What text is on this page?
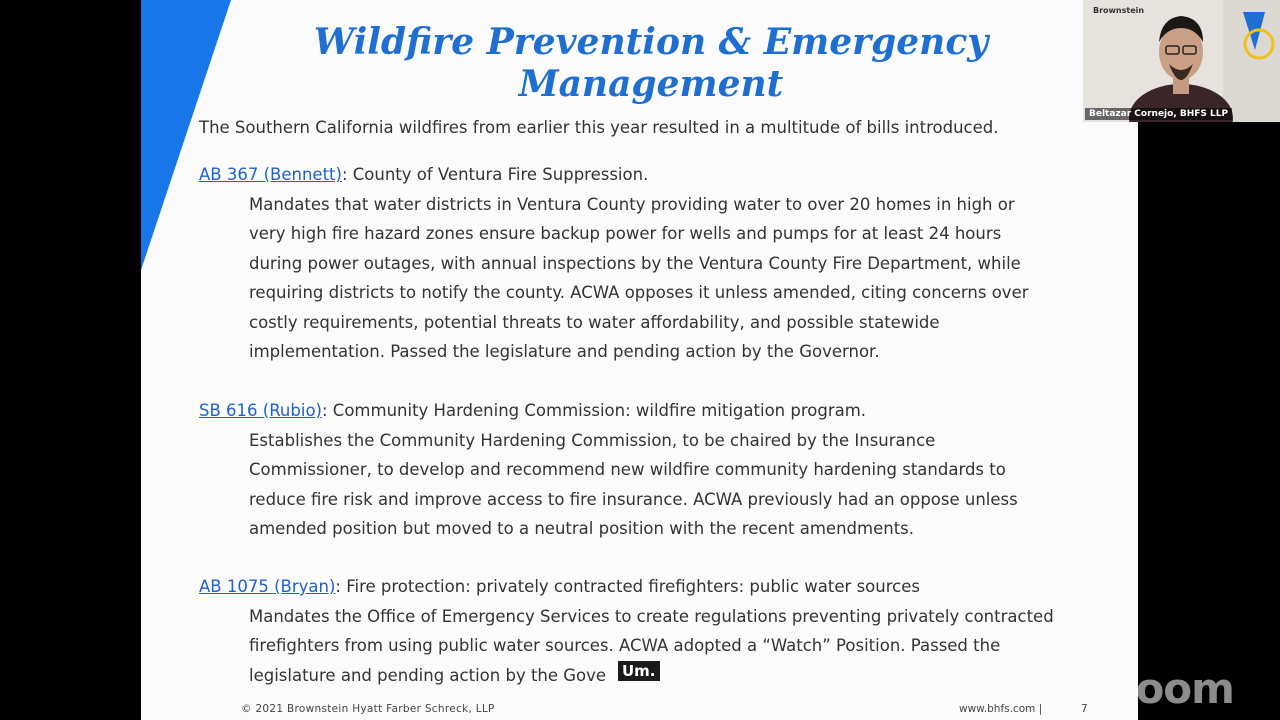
Wildfire Prevention & Emergency

Management

The Southern California wildfires from earlier this year resulted in a multitude of bills introduced.

AB 367 (Bennett): County of Ventura Fire Suppression.

Mandates that water districts in Ventura County providing water to over 20 homes in high or
very high fire hazard zones ensure backup power for wells and pumps for at least 24 hours
during power outages, with annual inspections by the Ventura County Fire Department, while
requiring districts to notify the county. ACWA opposes it unless amended, citing concerns over
costly requirements, potential threats to water affordability, and possible statewide
implementation. Passed the legislature and pending action by the Governor.

SB 616 (Rubio): Community Hardening Commission: wildfire mitigation program.

Establishes the Community Hardening Commission, to be chaired by the Insurance
Commissioner, to develop and recommend new wildfire community hardening standards to
reduce fire risk and improve access to fire insurance. ACWA previously had an oppose unless
amended position but moved to a neutral position with the recent amendments.

AB 1075 (Bryan): Fire protection: privately contracted firefighters: public water sources

Mandates the Office of Emergency Services to create regulations preventing privately contracted
firefighters from using public water sources. ACWA adopted a “Watch” Position. Passed the
legislature and pending action by the Gove
© 2021 Brownstein Hyatt Farber Schreck, LLP	www.bhfs.com |	7
Um.
Brownstein
Beltazar Cornejo, BHFS LLP
zoom
